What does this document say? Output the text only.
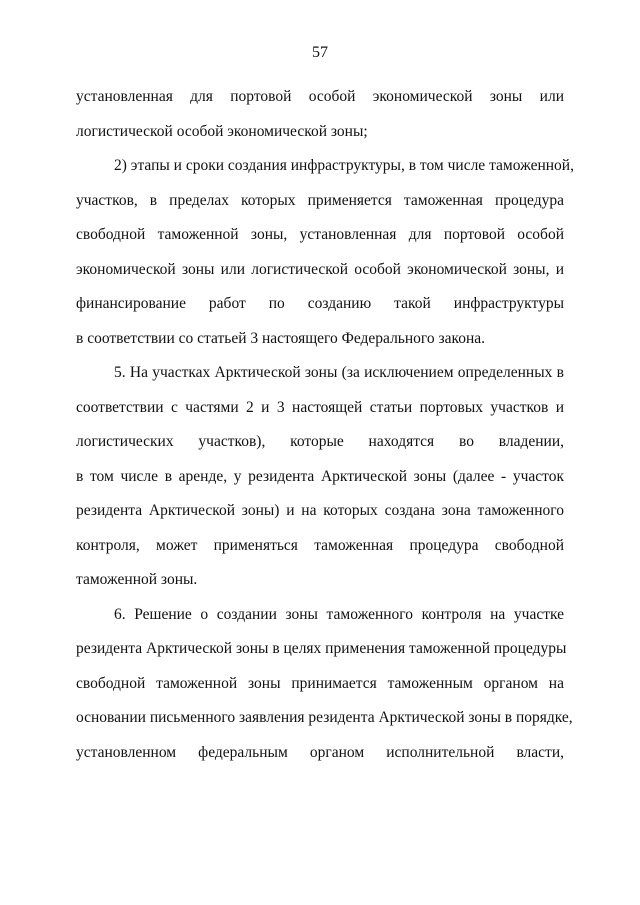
57
установленная для портовой особой экономической зоны или
логистической особой экономической зоны;
2) этапы и сроки создания инфраструктуры, в том числе таможенной,
участков, в пределах которых применяется таможенная процедура
свободной таможенной зоны, установленная для портовой особой
экономической зоны или логистической особой экономической зоны, и
финансирование работ по созданию такой инфраструктуры
в соответствии со статьей 3 настоящего Федерального закона.
5. На участках Арктической зоны (за исключением определенных в
соответствии с частями 2 и 3 настоящей статьи портовых участков и
логистических участков), которые находятся во владении,
в том числе в аренде, у резидента Арктической зоны (далее - участок
резидента Арктической зоны) и на которых создана зона таможенного
контроля, может применяться таможенная процедура свободной
таможенной зоны.
6. Решение о создании зоны таможенного контроля на участке
резидента Арктической зоны в целях применения таможенной процедуры
свободной таможенной зоны принимается таможенным органом на
основании письменного заявления резидента Арктической зоны в порядке,
установленном федеральным органом исполнительной власти,
